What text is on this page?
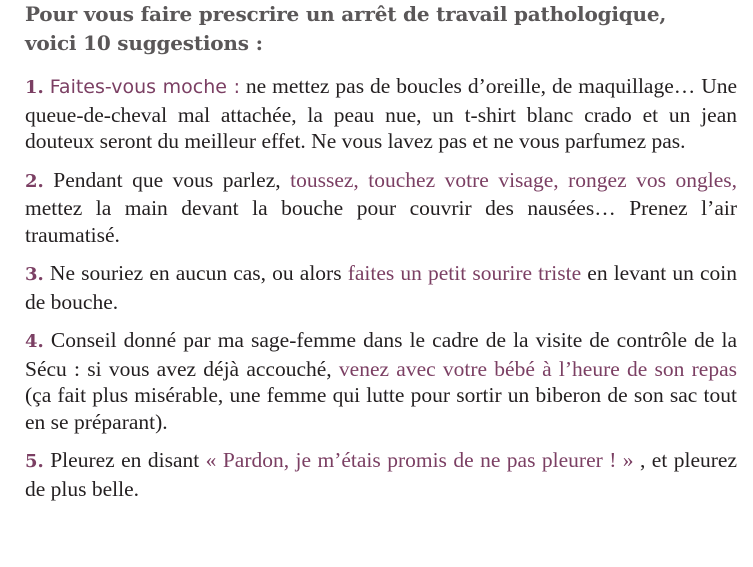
Pour vous faire prescrire un arrêt de travail pathologique,
voici 10 suggestions :

1. Faites-vous moche : ne mettez pas de boucles d’oreille, de maquillage… Une queue-de-cheval mal attachée, la peau nue, un t-shirt blanc crado et un jean douteux seront du meilleur effet. Ne vous lavez pas et ne vous parfumez pas.

2. Pendant que vous parlez, toussez, touchez votre visage, rongez vos ongles, mettez la main devant la bouche pour couvrir des nausées… Prenez l’air traumatisé.

3. Ne souriez en aucun cas, ou alors faites un petit sourire triste en levant un coin de bouche.

4. Conseil donné par ma sage-femme dans le cadre de la visite de contrôle de la Sécu : si vous avez déjà accouché, venez avec votre bébé à l’heure de son repas (ça fait plus misérable, une femme qui lutte pour sortir un biberon de son sac tout en se préparant).

5. Pleurez en disant « Pardon, je m’étais promis de ne pas pleurer ! » , et pleurez de plus belle.
